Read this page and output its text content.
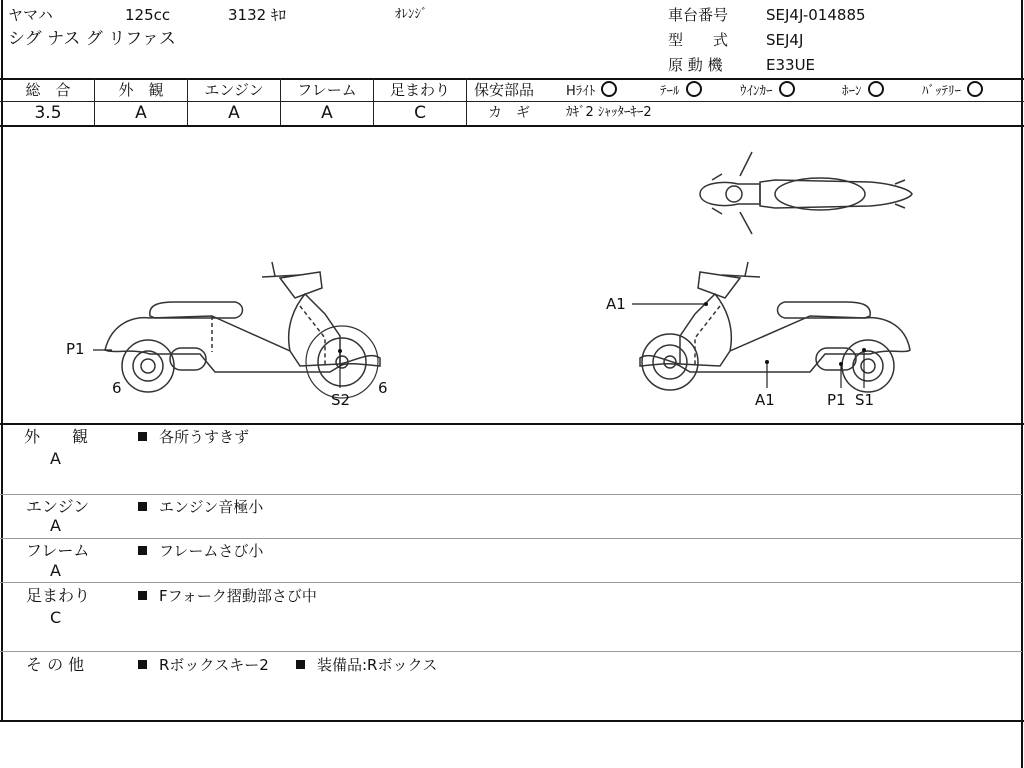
ヤマハ	125cc	3132 ｷﾛ	ｵﾚﾝｼﾞ
シグ ナス グ リファス
車台番号	SEJ4J-014885
型　　式	SEJ4J
原 動 機	E33UE
総　合	外　観	エンジン	フレーム	足まわり
3.5	A	A	A	C
保安部品 Hﾗｲﾄ	ﾃｰﾙ	ｳｲﾝｶｰ	ﾎｰﾝ	ﾊﾞｯﾃﾘｰ
カ　ギ	ｶｷﾞ2 ｼｬｯﾀｰｷｰ2
P1
6
S2
6
A1
A1	P1 S1
外　　観
A
各所うすきず
エンジン
A
エンジン音極小
フレーム
A
フレームさび小
足まわり
C
Fフォーク摺動部さび中
そ の 他	Rボックスキー2	装備品:Rボックス
